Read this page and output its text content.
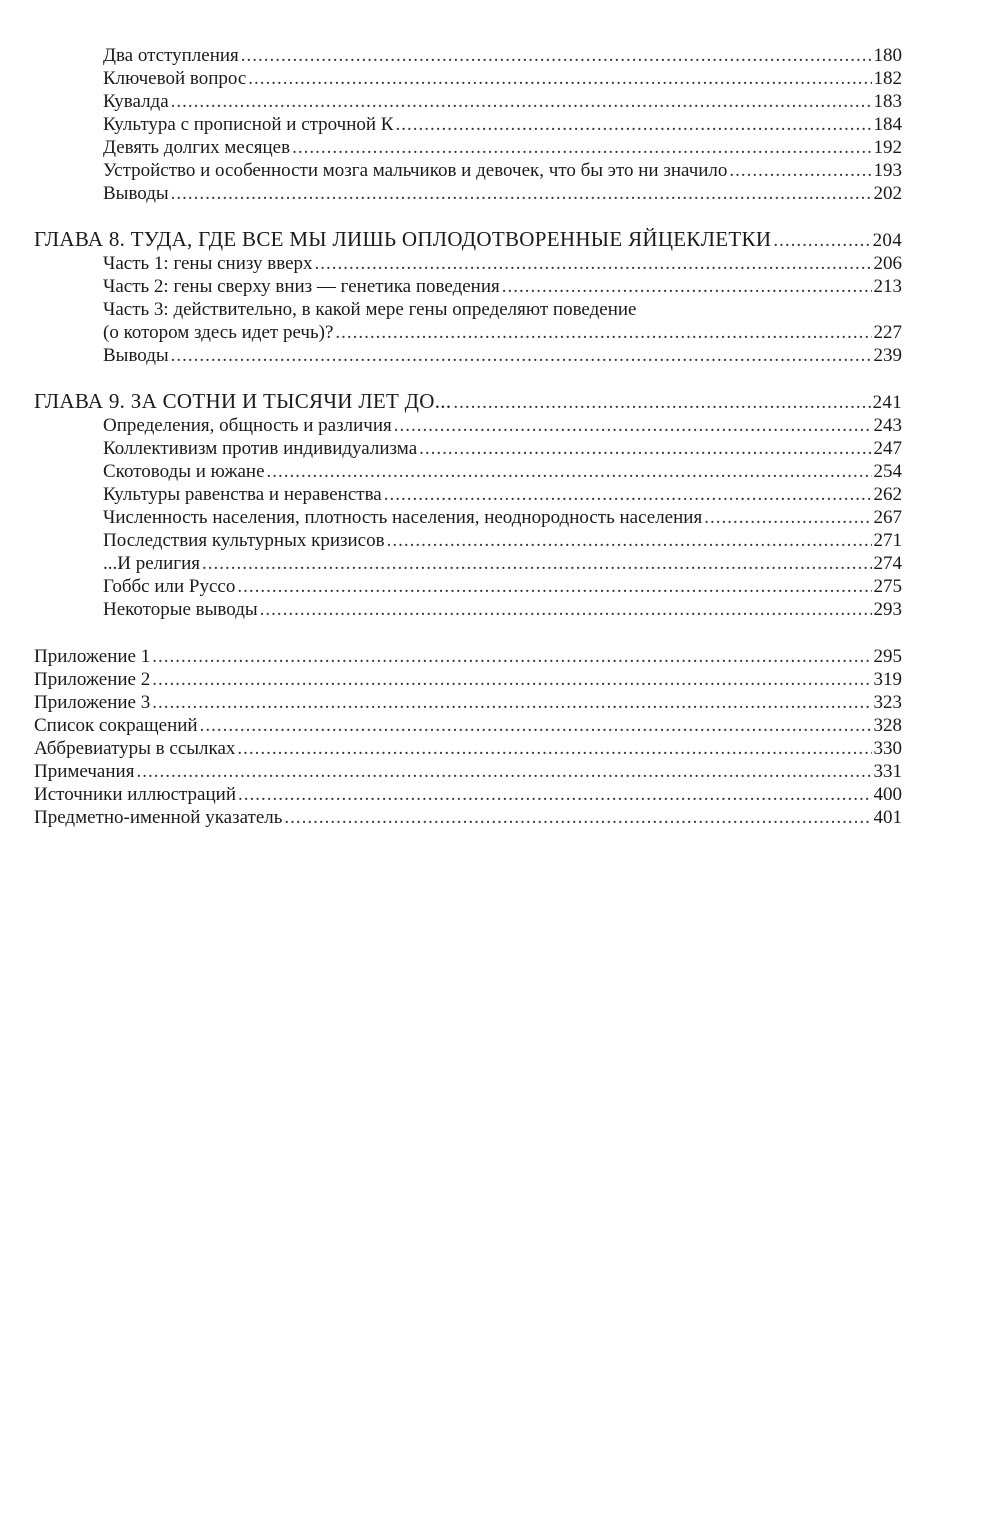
Два отступления .....	180
Ключевой вопрос .....	182
Кувалда .....	183
Культура с прописной и строчной К .....	184
Девять долгих месяцев .....	192
Устройство и особенности мозга мальчиков и девочек, что бы это ни значило .....	193
Выводы .....	202
ГЛАВА 8. ТУДА, ГДЕ ВСЕ МЫ ЛИШЬ ОПЛОДОТВОРЕННЫЕ ЯЙЦЕКЛЕТКИ .....	204
Часть 1: гены снизу вверх .....	206
Часть 2: гены сверху вниз — генетика поведения .....	213
Часть 3: действительно, в какой мере гены определяют поведение
(о котором здесь идет речь)? .....	227
Выводы .....	239
ГЛАВА 9. ЗА СОТНИ И ТЫСЯЧИ ЛЕТ ДО... .....	241
Определения, общность и различия .....	243
Коллективизм против индивидуализма .....	247
Скотоводы и южане .....	254
Культуры равенства и неравенства .....	262
Численность населения, плотность населения, неоднородность населения .....	267
Последствия культурных кризисов .....	271
...И религия .....	274
Гоббс или Руссо .....	275
Некоторые выводы .....	293
Приложение 1 .....	295
Приложение 2 .....	319
Приложение 3 .....	323
Список сокращений .....	328
Аббревиатуры в ссылках .....	330
Примечания .....	331
Источники иллюстраций .....	400
Предметно-именной указатель .....	401
